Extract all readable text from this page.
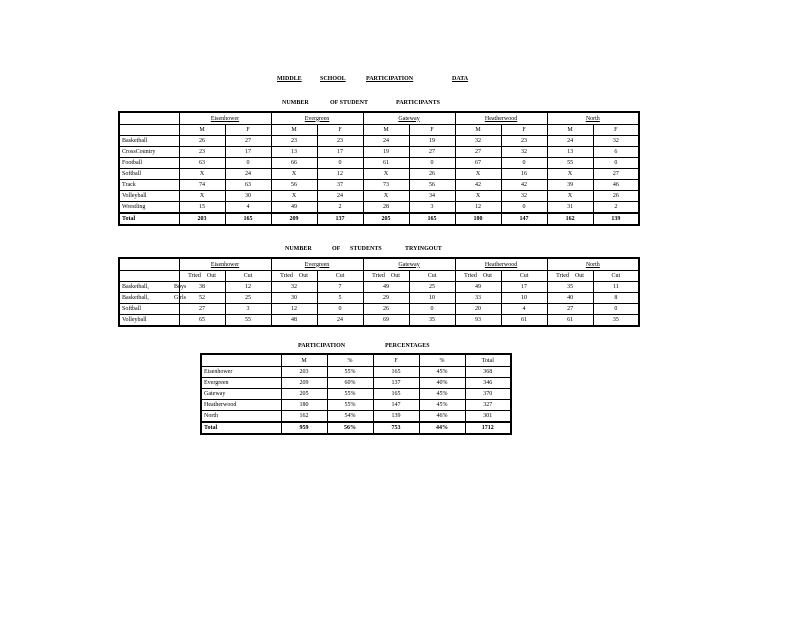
MIDDLE	SCHOOL	PARTICIPATION	DATA
NUMBER	OF STUDENT	PARTICIPANTS
	Eisenhower		Evergreen		Gateway		Heatherwood		North	
	M	F	M	F	M	F	M	F	M	F
Basketball	26	27	23	23	24	19	32	23	24	32
CrossCountry	23	17	13	17	19	27	27	32	13	6
Football	63	0	66	0	61	0	67	0	55	0
Softball	X	24	X	12	X	26	X	16	X	27
Track	74	63	56	37	73	56	42	42	39	46
Volleyball	X	30	X	24	X	34	X	32	X	26
Wrestling	15	4	49	2	28	3	12	0	31	2
Total	203	165	209	137	205	165	180	147	162	139
NUMBER	OF STUDENTS	TRYINGOUT
	Eisenhower		Evergreen		Gateway		Heatherwood		North	
	Tried Out	Cut	Tried Out	Cut	Tried Out	Cut	Tried Out	Cut	Tried Out	Cut
Basketball, Boys	38	12	32	7	49	25	49	17	35	11
Basketball, Girls	52	25	30	5	29	10	33	10	40	8
Softball	27	3	12	0	26	0	20	4	27	0
Volleyball	65	55	48	24	69	35	93	61	61	35
PARTICIPATION	PERCENTAGES
	M	%	F	%	Total
Eisenhower	203	55%	165	45%	368
Evergreen	209	60%	137	40%	346
Gateway	205	55%	165	45%	370
Heatherwood	180	55%	147	45%	327
North	162	54%	139	46%	301
Total	959	56%	753	44%	1712
